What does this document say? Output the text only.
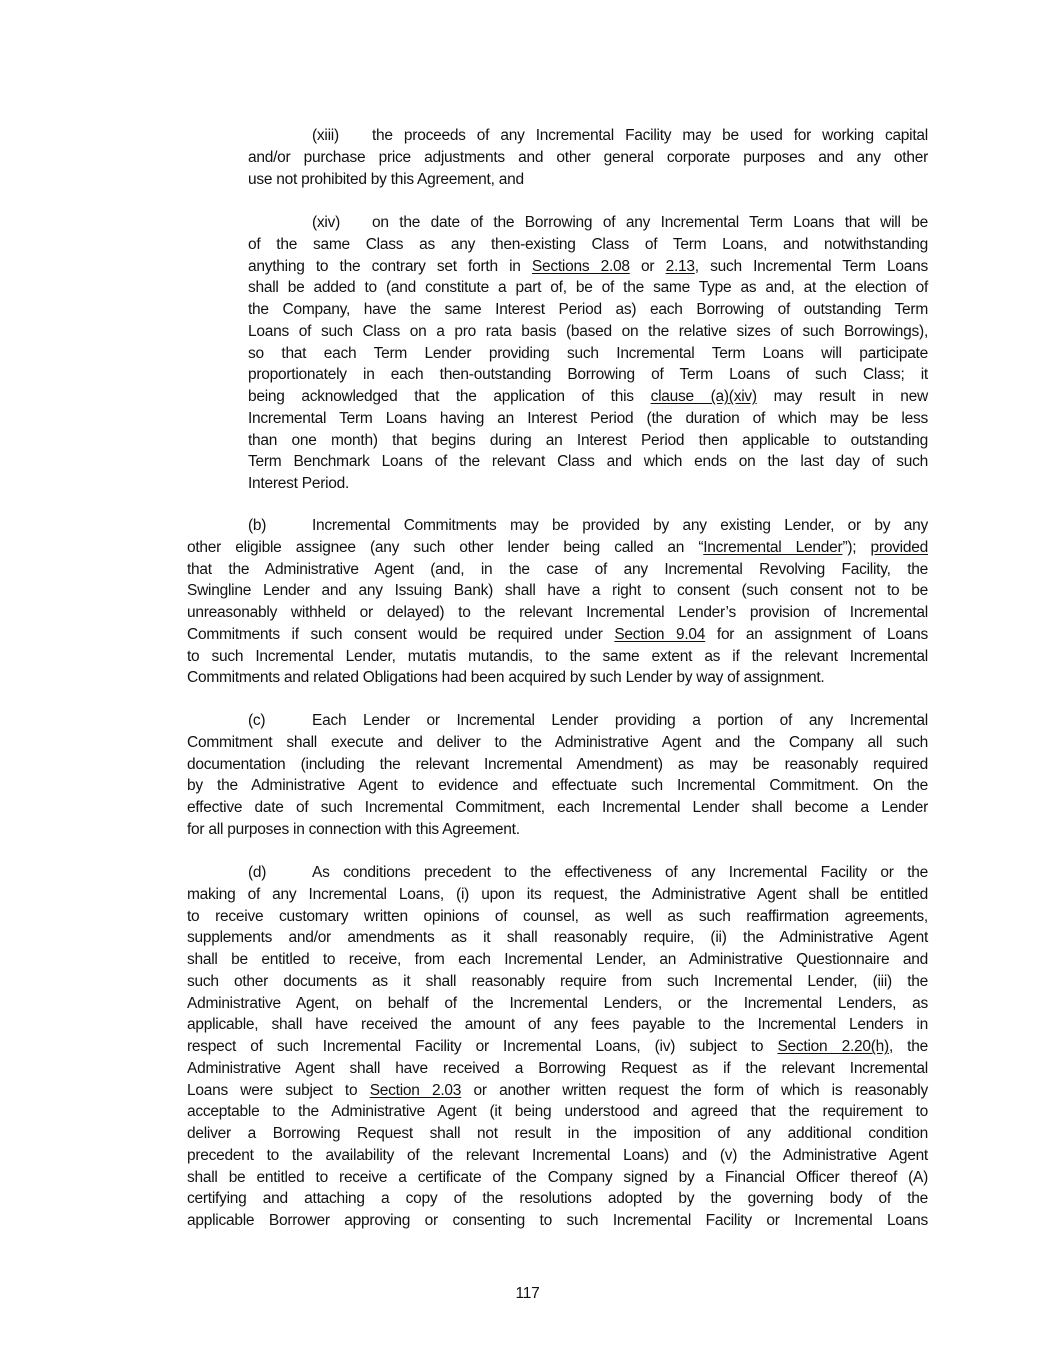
(xiii)	the proceeds of any Incremental Facility may be used for working capital
and/or purchase price adjustments and other general corporate purposes and any other
use not prohibited by this Agreement, and
(xiv)	on the date of the Borrowing of any Incremental Term Loans that will be
of the same Class as any then-existing Class of Term Loans, and notwithstanding
anything to the contrary set forth in Sections 2.08 or 2.13, such Incremental Term Loans
shall be added to (and constitute a part of, be of the same Type as and, at the election of
the Company, have the same Interest Period as) each Borrowing of outstanding Term
Loans of such Class on a pro rata basis (based on the relative sizes of such Borrowings),
so that each Term Lender providing such Incremental Term Loans will participate
proportionately in each then-outstanding Borrowing of Term Loans of such Class; it
being acknowledged that the application of this clause (a)(xiv) may result in new
Incremental Term Loans having an Interest Period (the duration of which may be less
than one month) that begins during an Interest Period then applicable to outstanding
Term Benchmark Loans of the relevant Class and which ends on the last day of such
Interest Period.
(b)	Incremental Commitments may be provided by any existing Lender, or by any
other eligible assignee (any such other lender being called an “Incremental Lender”); provided
that the Administrative Agent (and, in the case of any Incremental Revolving Facility, the
Swingline Lender and any Issuing Bank) shall have a right to consent (such consent not to be
unreasonably withheld or delayed) to the relevant Incremental Lender’s provision of Incremental
Commitments if such consent would be required under Section 9.04 for an assignment of Loans
to such Incremental Lender, mutatis mutandis, to the same extent as if the relevant Incremental
Commitments and related Obligations had been acquired by such Lender by way of assignment.
(c)	Each Lender or Incremental Lender providing a portion of any Incremental
Commitment shall execute and deliver to the Administrative Agent and the Company all such
documentation (including the relevant Incremental Amendment) as may be reasonably required
by the Administrative Agent to evidence and effectuate such Incremental Commitment. On the
effective date of such Incremental Commitment, each Incremental Lender shall become a Lender
for all purposes in connection with this Agreement.
(d)	As conditions precedent to the effectiveness of any Incremental Facility or the
making of any Incremental Loans, (i) upon its request, the Administrative Agent shall be entitled
to receive customary written opinions of counsel, as well as such reaffirmation agreements,
supplements and/or amendments as it shall reasonably require, (ii) the Administrative Agent
shall be entitled to receive, from each Incremental Lender, an Administrative Questionnaire and
such other documents as it shall reasonably require from such Incremental Lender, (iii) the
Administrative Agent, on behalf of the Incremental Lenders, or the Incremental Lenders, as
applicable, shall have received the amount of any fees payable to the Incremental Lenders in
respect of such Incremental Facility or Incremental Loans, (iv) subject to Section 2.20(h), the
Administrative Agent shall have received a Borrowing Request as if the relevant Incremental
Loans were subject to Section 2.03 or another written request the form of which is reasonably
acceptable to the Administrative Agent (it being understood and agreed that the requirement to
deliver a Borrowing Request shall not result in the imposition of any additional condition
precedent to the availability of the relevant Incremental Loans) and (v) the Administrative Agent
shall be entitled to receive a certificate of the Company signed by a Financial Officer thereof (A)
certifying and attaching a copy of the resolutions adopted by the governing body of the
applicable Borrower approving or consenting to such Incremental Facility or Incremental Loans
117
